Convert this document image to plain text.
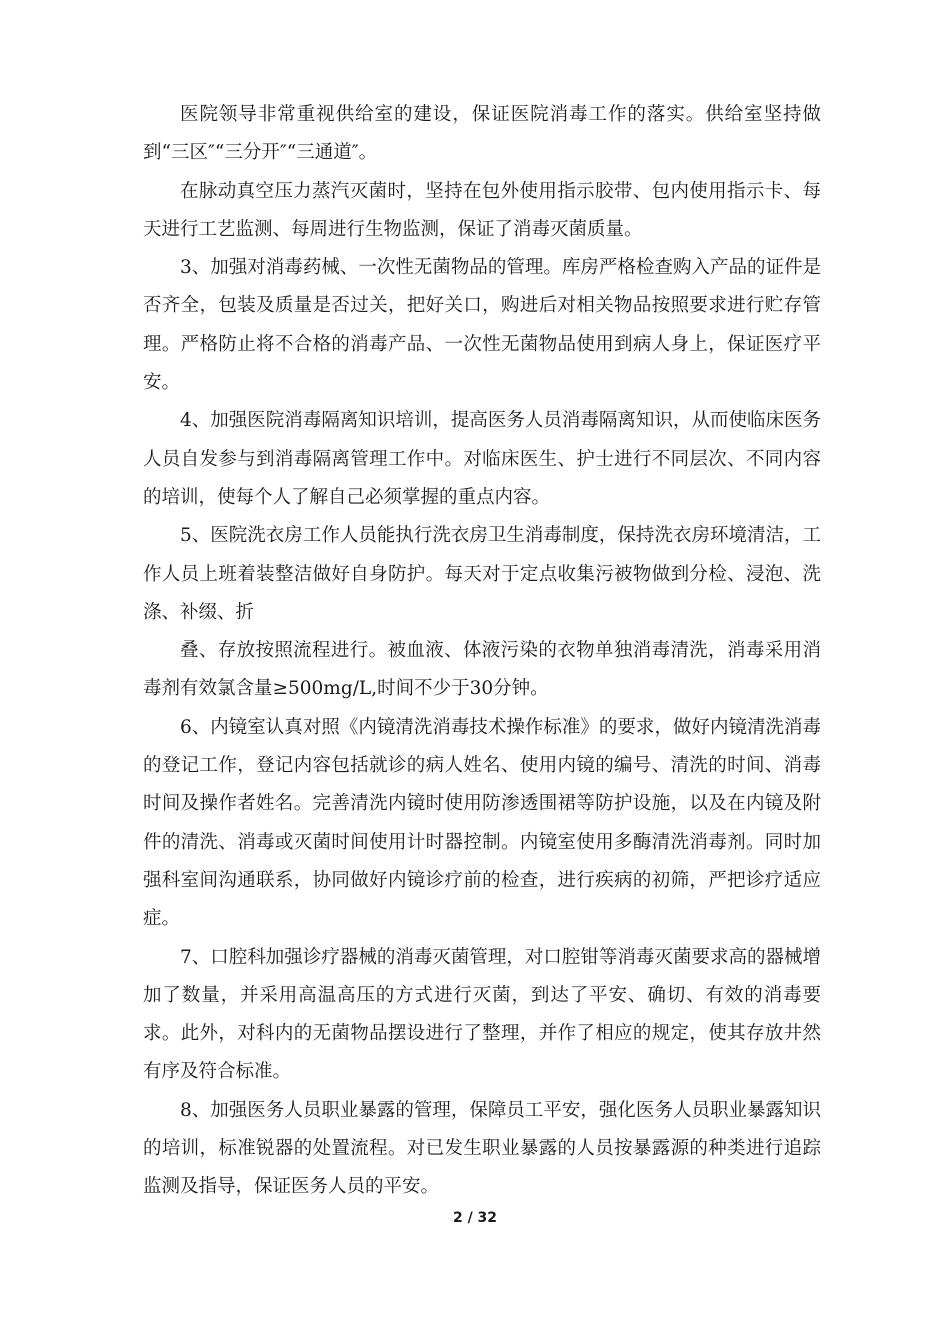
医院领导非常重视供给室的建设，保证医院消毒工作的落实。供给室坚持做到“三区″“三分开″“三通道″。

在脉动真空压力蒸汽灭菌时，坚持在包外使用指示胶带、包内使用指示卡、每天进行工艺监测、每周进行生物监测，保证了消毒灭菌质量。

3、加强对消毒药械、一次性无菌物品的管理。库房严格检查购入产品的证件是否齐全，包装及质量是否过关，把好关口，购进后对相关物品按照要求进行贮存管理。严格防止将不合格的消毒产品、一次性无菌物品使用到病人身上，保证医疗平安。

4、加强医院消毒隔离知识培训，提高医务人员消毒隔离知识，从而使临床医务人员自发参与到消毒隔离管理工作中。对临床医生、护士进行不同层次、不同内容的培训，使每个人了解自己必须掌握的重点内容。

5、医院洗衣房工作人员能执行洗衣房卫生消毒制度，保持洗衣房环境清洁，工作人员上班着装整洁做好自身防护。每天对于定点收集污被物做到分检、浸泡、洗涤、补缀、折

叠、存放按照流程进行。被血液、体液污染的衣物单独消毒清洗，消毒采用消毒剂有效氯含量≥500mg/L,时间不少于30分钟。

6、内镜室认真对照《内镜清洗消毒技术操作标准》的要求，做好内镜清洗消毒的登记工作，登记内容包括就诊的病人姓名、使用内镜的编号、清洗的时间、消毒时间及操作者姓名。完善清洗内镜时使用防渗透围裙等防护设施，以及在内镜及附件的清洗、消毒或灭菌时间使用计时器控制。内镜室使用多酶清洗消毒剂。同时加强科室间沟通联系，协同做好内镜诊疗前的检查，进行疾病的初筛，严把诊疗适应症。

7、口腔科加强诊疗器械的消毒灭菌管理，对口腔钳等消毒灭菌要求高的器械增加了数量，并采用高温高压的方式进行灭菌，到达了平安、确切、有效的消毒要求。此外，对科内的无菌物品摆设进行了整理，并作了相应的规定，使其存放井然有序及符合标准。

8、加强医务人员职业暴露的管理，保障员工平安，强化医务人员职业暴露知识的培训，标准锐器的处置流程。对已发生职业暴露的人员按暴露源的种类进行追踪监测及指导，保证医务人员的平安。

2 / 32
